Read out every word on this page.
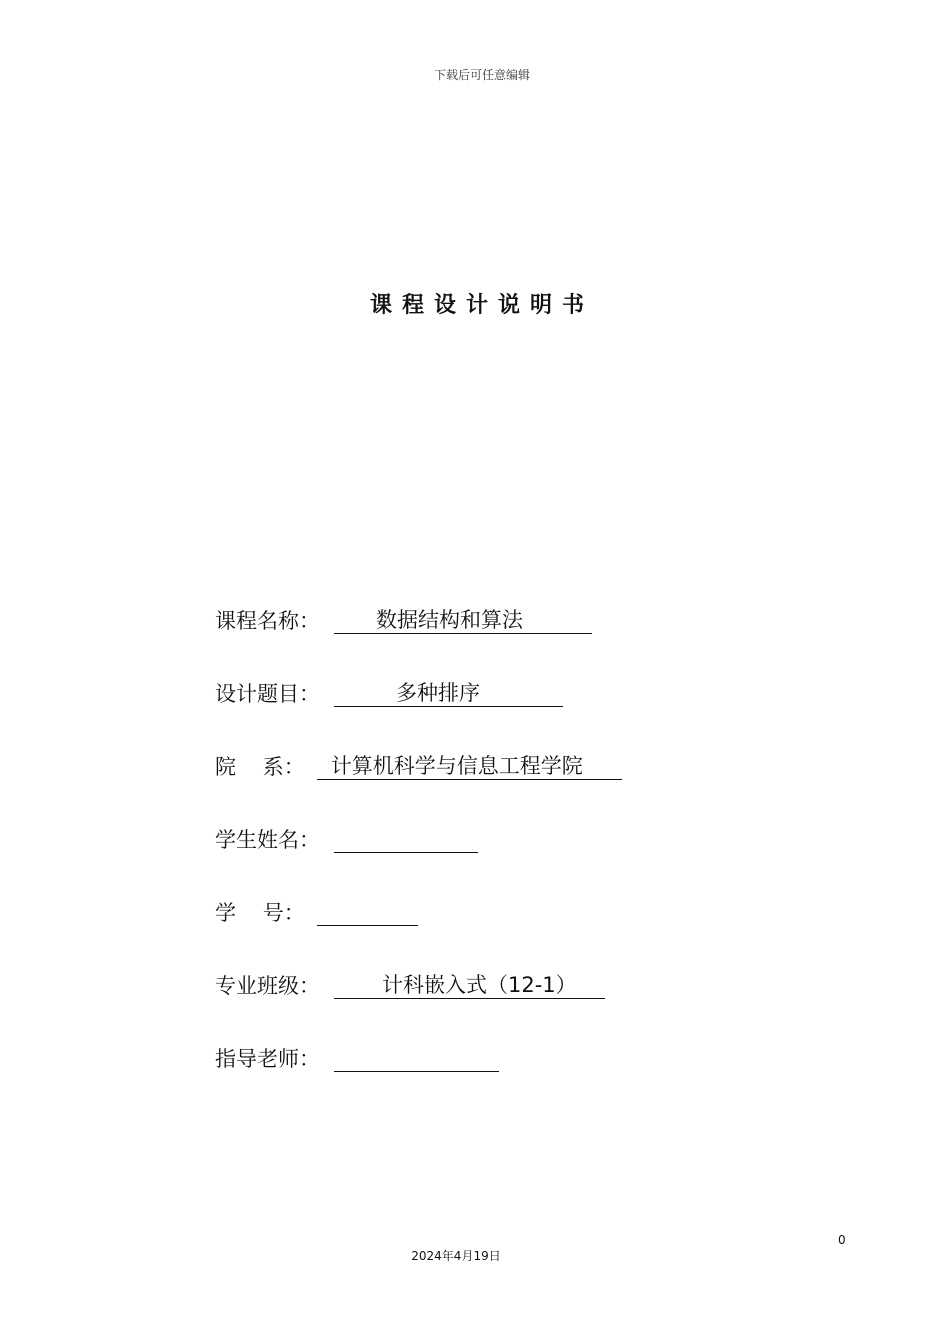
下载后可任意编辑
课程设计说明书
课程名称：	数据结构和算法
设计题目：	多种排序
院    系： 计算机科学与信息工程学院
学生姓名：
学    号：
专业班级：	计科嵌入式（12-1）
指导老师：
0
2024年4月19日
